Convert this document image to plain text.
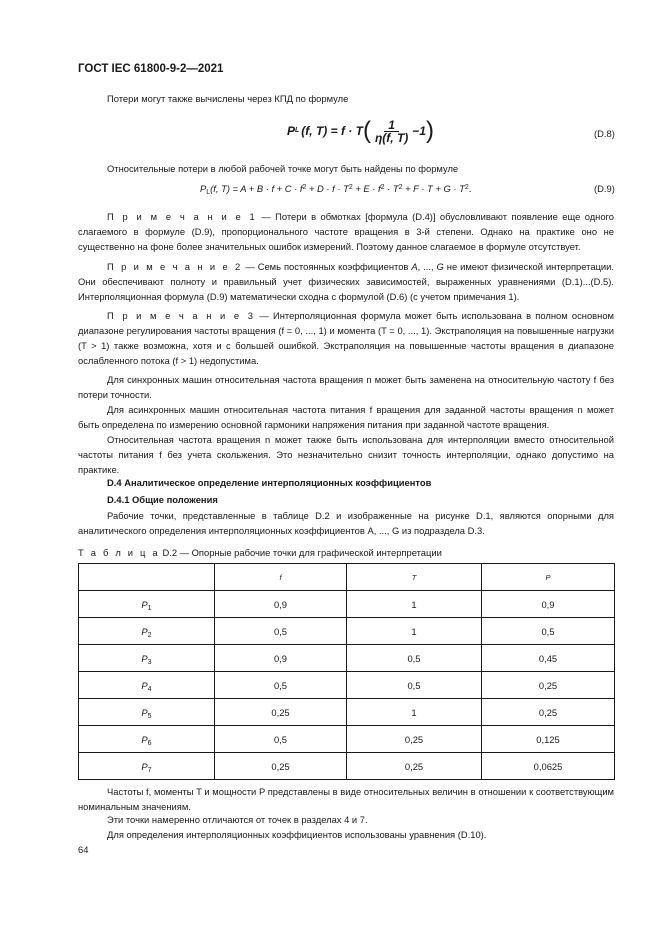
ГОСТ IEC 61800-9-2—2021
Потери могут также вычислены через КПД по формуле
P L (f, T) = f · T ( $\frac{1}{\eta(f, T)} -1$ )	(D.8)
Относительные потери в любой рабочей точке могут быть найдены по формуле
$P_L(f$, $T) = A + B \cdot f + C \cdot f^2 + D \cdot f \cdot T^2 + E \cdot f^2 \cdot T^2 + F \cdot T + G \cdot T^2$.	(D.9)
П р и м е ч а н и е 1 — Потери в обмотках [формула (D.4)] обусловливают появление еще одного слагаемого в формуле (D.9), пропорционального частоте вращения в 3-й степени. Однако на практике оно не существенно на фоне более значительных ошибок измерений. Поэтому данное слагаемое в формуле отсутствует.
П р и м е ч а н и е 2 — Семь постоянных коэффициентов A, ..., G не имеют физической интерпретации. Они обеспечивают полноту и правильный учет физических зависимостей, выраженных уравнениями (D.1)...(D.5). Интерполяционная формула (D.9) математически сходна с формулой (D.6) (с учетом примечания 1).
П р и м е ч а н и е 3 — Интерполяционная формула может быть использована в полном основном диапазоне регулирования частоты вращения (f = 0, ..., 1) и момента (T = 0, ..., 1). Экстраполяция на повышенные нагрузки (T > 1) также возможна, хотя и с большей ошибкой. Экстраполяция на повышенные частоты вращения в диапазоне ослабленного потока (f > 1) недопустима.
Для синхронных машин относительная частота вращения n может быть заменена на относительную частоту f без потери точности.
Для асинхронных машин относительная частота питания f вращения для заданной частоты вращения n может быть определена по измерению основной гармоники напряжения питания при заданной частоте вращения.
Относительная частота вращения n может также быть использована для интерполяции вместо относительной частоты питания f без учета скольжения. Это незначительно снизит точность интерполяции, однако допустимо на практике.
D.4 Аналитическое определение интерполяционных коэффициентов
D.4.1 Общие положения
Рабочие точки, представленные в таблице D.2 и изображенные на рисунке D.1, являются опорными для аналитического определения интерполяционных коэффициентов A, ..., G из подраздела D.3.
Т а б л и ц а D.2 — Опорные рабочие точки для графической интерпретации
	f	T	P
$P_1$	0,9	1	0,9
$P_2$	0,5	1	0,5
$P_3$	0,9	0,5	0,45
$P_4$	0,5	0,5	0,25
$P_5$	0,25	1	0,25
$P_6$	0,5	0,25	0,125
$P_7$	0,25	0,25	0,0625
Частоты f, моменты T и мощности P представлены в виде относительных величин в отношении к соответствующим номинальным значениям.
Эти точки намеренно отличаются от точек в разделах 4 и 7.
Для определения интерполяционных коэффициентов использованы уравнения (D.10).
64
